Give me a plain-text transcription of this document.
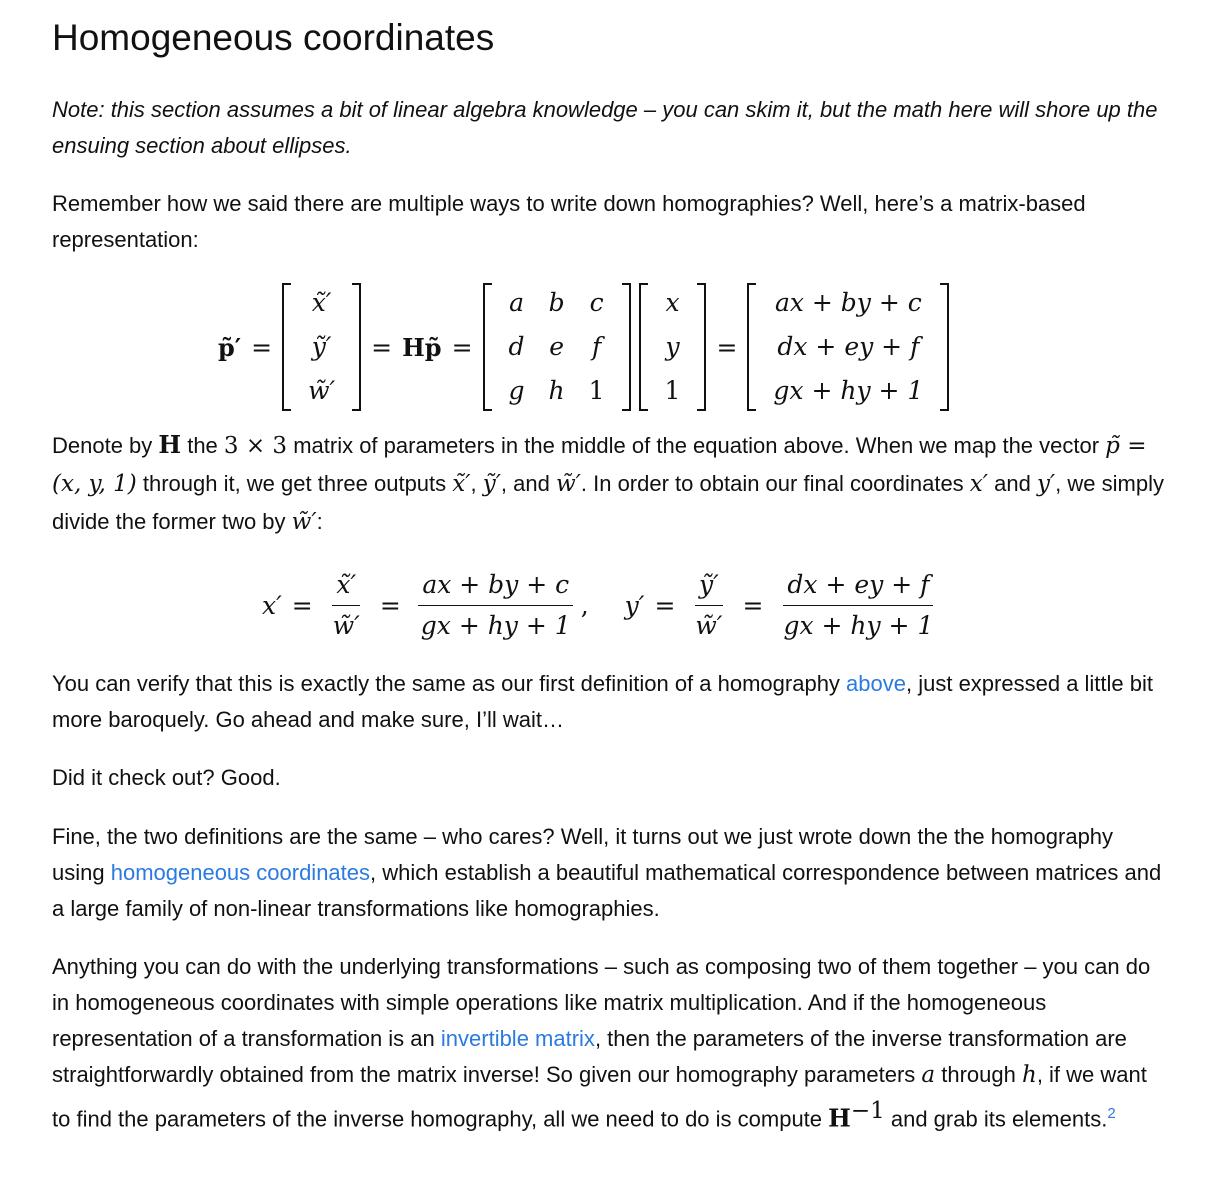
Homogeneous coordinates
Note: this section assumes a bit of linear algebra knowledge – you can skim it, but the math here will shore up the ensuing section about ellipses.
Remember how we said there are multiple ways to write down homographies? Well, here’s a matrix-based representation:
p̃′ =
x̃′
ỹ′
w̃′
= Hp̃ =
a b c
d e	f
g h 1
x
y
1
=
ax + by + c
dx + ey + f
gx + hy + 1
Denote by H the 3 × 3 matrix of parameters in the middle of the equation above. When we map the vector p̃ = (x, y, 1) through it, we get three outputs x̃′, ỹ′, and w̃′. In order to obtain our final coordinates x′ and y′, we simply divide the former two by w̃′:
$x' = \frac{x̃'}{w̃'} = \frac{ax + by + c}{gx + hy + 1}$ , $y' = \frac{\text{ỹ′}}{w̃'} = \frac{dx + ey + f}{gx + hy + 1}$
You can verify that this is exactly the same as our first definition of a homography above, just expressed a little bit more baroquely. Go ahead and make sure, I’ll wait…
Did it check out? Good.
Fine, the two definitions are the same – who cares? Well, it turns out we just wrote down the the homography using homogeneous coordinates, which establish a beautiful mathematical correspondence between matrices and a large family of non-linear transformations like homographies.
Anything you can do with the underlying transformations – such as composing two of them together – you can do in homogeneous coordinates with simple operations like matrix multiplication. And if the homogeneous representation of a transformation is an invertible matrix, then the parameters of the inverse transformation are straightforwardly obtained from the matrix inverse! So given our homography parameters a through h, if we want to find the parameters of the inverse homography, all we need to do is compute $H^{-1}$ and grab its elements.$^2$
